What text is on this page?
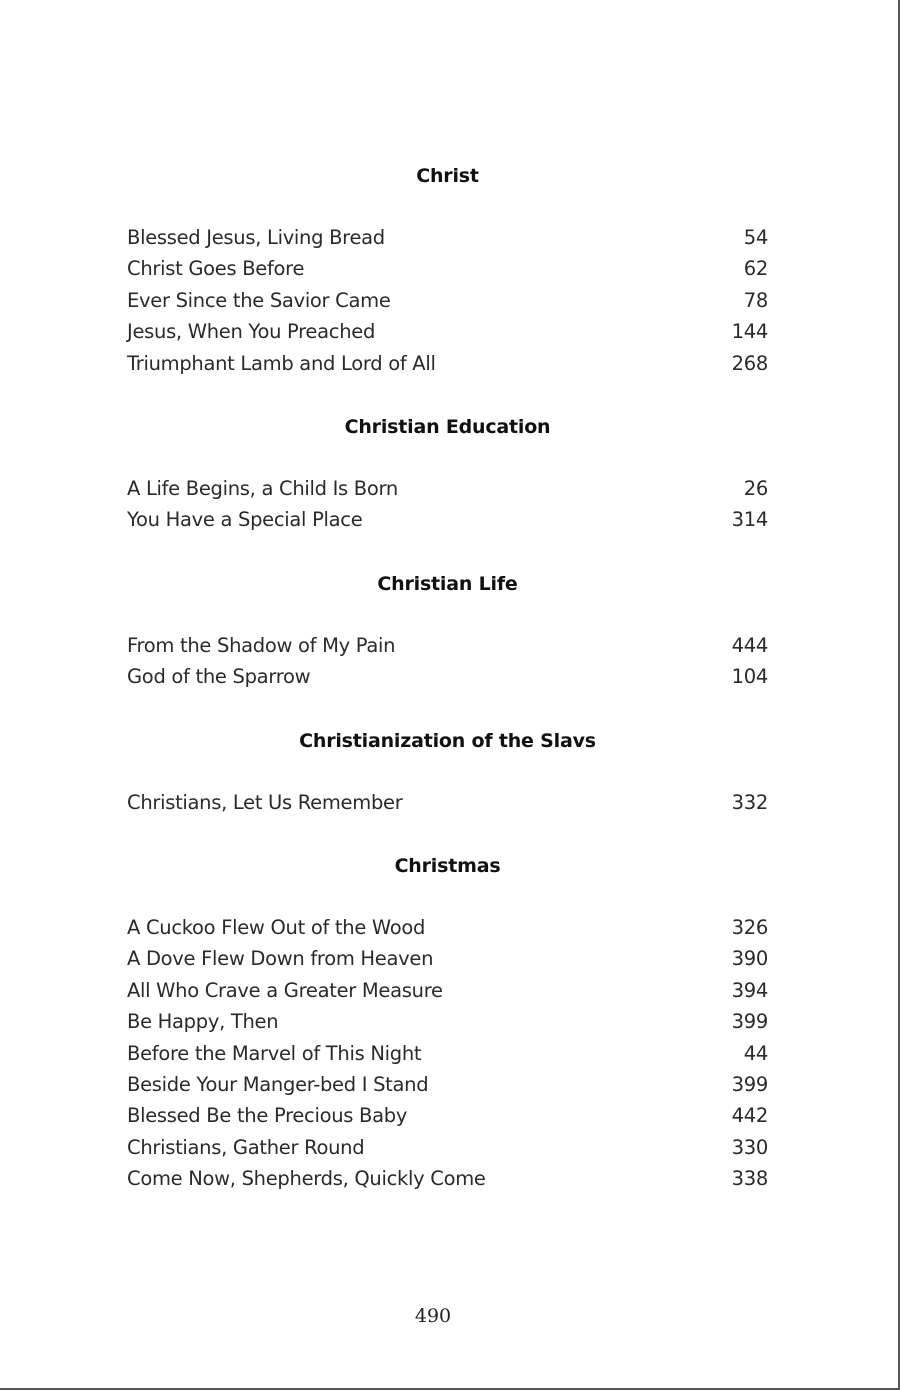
Christ
Blessed Jesus, Living Bread	54
Christ Goes Before	62
Ever Since the Savior Came	78
Jesus, When You Preached	144
Triumphant Lamb and Lord of All	268
Christian Education
A Life Begins, a Child Is Born	26
You Have a Special Place	314
Christian Life
From the Shadow of My Pain	444
God of the Sparrow	104
Christianization of the Slavs
Christians, Let Us Remember	332
Christmas
A Cuckoo Flew Out of the Wood	326
A Dove Flew Down from Heaven	390
All Who Crave a Greater Measure	394
Be Happy, Then	399
Before the Marvel of This Night	44
Beside Your Manger-bed I Stand	399
Blessed Be the Precious Baby	442
Christians, Gather Round	330
Come Now, Shepherds, Quickly Come	338
490
